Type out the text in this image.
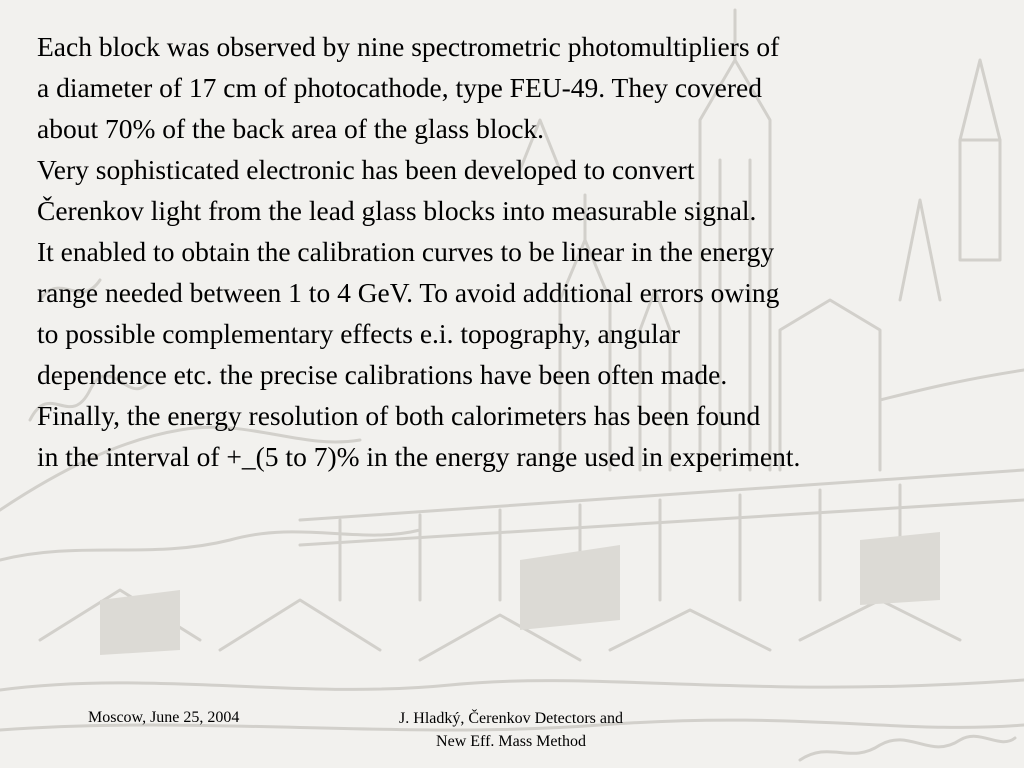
Each block was observed by nine spectrometric photomultipliers of
a diameter of 17 cm of photocathode, type FEU-49. They covered
about 70% of the back area of the glass block.
Very sophisticated electronic has been developed to convert
Čerenkov light from the lead glass blocks into measurable signal.
It enabled to obtain the calibration curves to be linear in the energy
range needed between 1 to 4 GeV. To avoid additional errors owing
to possible complementary effects e.i. topography, angular
dependence etc. the precise calibrations have been often made.
Finally, the energy resolution of both calorimeters has been found
in the interval of +_(5 to 7)% in the energy range used in experiment.
Moscow, June 25, 2004	J. Hladký, Čerenkov Detectors and
New Eff. Mass Method
